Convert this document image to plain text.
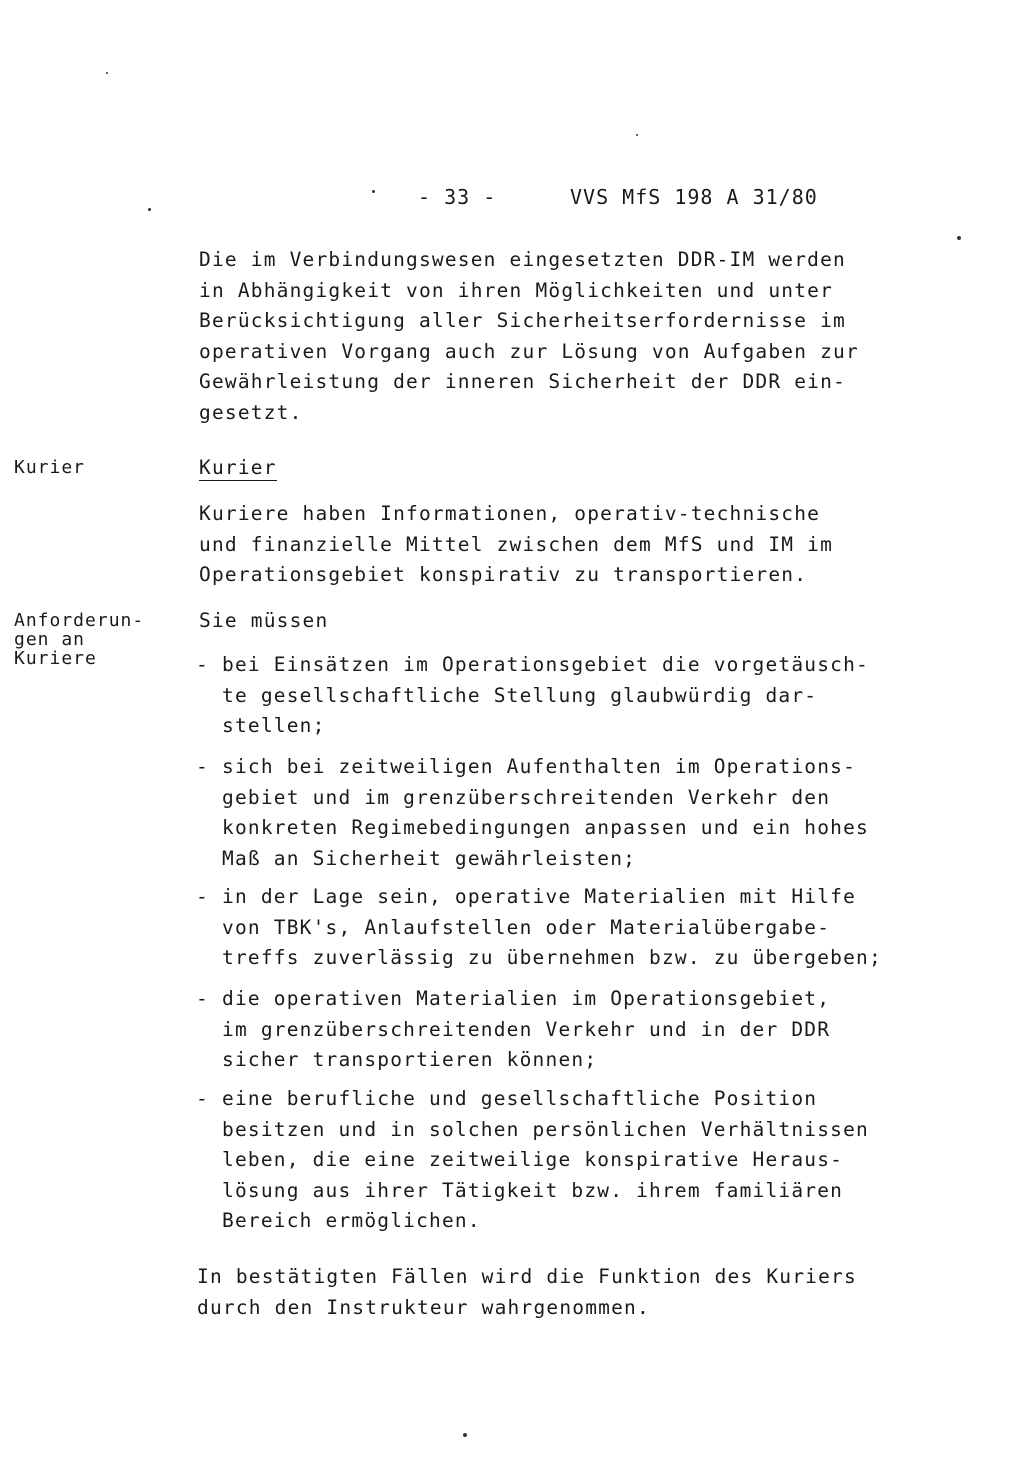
- 33 -	VVS MfS 198 A 31/80
Die im Verbindungswesen eingesetzten DDR-IM werden
in Abhängigkeit von ihren Möglichkeiten und unter
Berücksichtigung aller Sicherheitserfordernisse im
operativen Vorgang auch zur Lösung von Aufgaben zur
Gewährleistung der inneren Sicherheit der DDR ein-
gesetzt.
Kurier	Kurier
Kuriere haben Informationen, operativ-technische
und finanzielle Mittel zwischen dem MfS und IM im
Operationsgebiet konspirativ zu transportieren.
Anforderun-
gen an
Kuriere
Sie müssen
- bei Einsätzen im Operationsgebiet die vorgetäusch-
te gesellschaftliche Stellung glaubwürdig dar-
stellen;
- sich bei zeitweiligen Aufenthalten im Operations-
gebiet und im grenzüberschreitenden Verkehr den
konkreten Regimebedingungen anpassen und ein hohes
Maß an Sicherheit gewährleisten;
- in der Lage sein, operative Materialien mit Hilfe
von TBK's, Anlaufstellen oder Materialübergabe-
treffs zuverlässig zu übernehmen bzw. zu übergeben;
- die operativen Materialien im Operationsgebiet,
im grenzüberschreitenden Verkehr und in der DDR
sicher transportieren können;
- eine berufliche und gesellschaftliche Position
besitzen und in solchen persönlichen Verhältnissen
leben, die eine zeitweilige konspirative Heraus-
lösung aus ihrer Tätigkeit bzw. ihrem familiären
Bereich ermöglichen.
In bestätigten Fällen wird die Funktion des Kuriers
durch den Instrukteur wahrgenommen.
